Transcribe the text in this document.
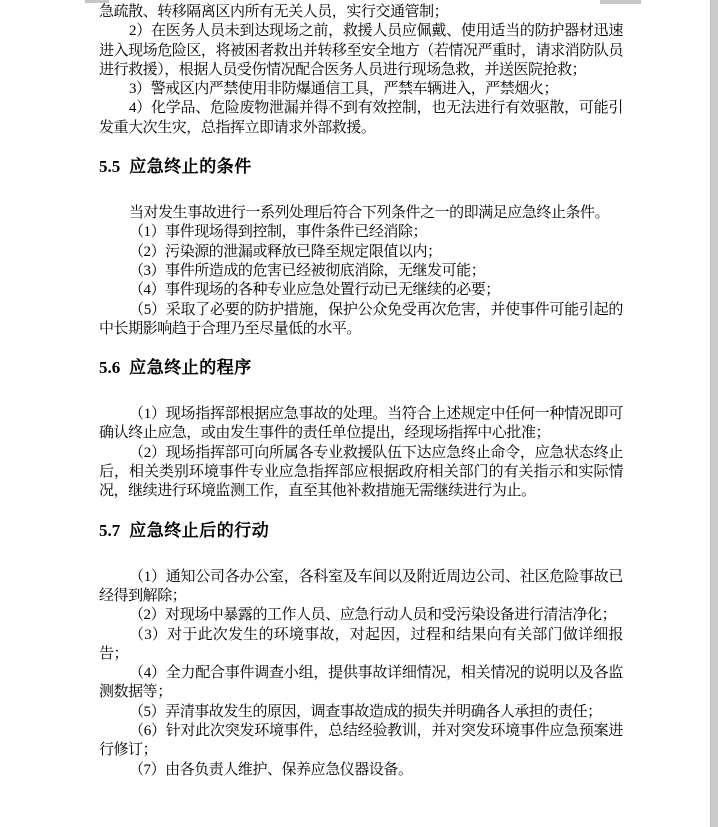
急疏散、转移隔离区内所有无关人员，实行交通管制；

2）在医务人员未到达现场之前，救援人员应佩戴、使用适当的防护器材迅速进入现场危险区，将被困者救出并转移至安全地方（若情况严重时，请求消防队员进行救援），根据人员受伤情况配合医务人员进行现场急救，并送医院抢救；

3）警戒区内严禁使用非防爆通信工具，严禁车辆进入，严禁烟火；

4）化学品、危险废物泄漏并得不到有效控制，也无法进行有效驱散，可能引发重大次生灾，总指挥立即请求外部救援。

5.5 应急终止的条件

当对发生事故进行一系列处理后符合下列条件之一的即满足应急终止条件。

（1）事件现场得到控制，事件条件已经消除；

（2）污染源的泄漏或释放已降至规定限值以内；

（3）事件所造成的危害已经被彻底消除，无继发可能；

（4）事件现场的各种专业应急处置行动已无继续的必要；

（5）采取了必要的防护措施，保护公众免受再次危害，并使事件可能引起的中长期影响趋于合理乃至尽量低的水平。

5.6 应急终止的程序

（1）现场指挥部根据应急事故的处理。当符合上述规定中任何一种情况即可确认终止应急，或由发生事件的责任单位提出，经现场指挥中心批准；

（2）现场指挥部可向所属各专业救援队伍下达应急终止命令，应急状态终止后，相关类别环境事件专业应急指挥部应根据政府相关部门的有关指示和实际情况，继续进行环境监测工作，直至其他补救措施无需继续进行为止。

5.7 应急终止后的行动

（1）通知公司各办公室，各科室及车间以及附近周边公司、社区危险事故已经得到解除；

（2）对现场中暴露的工作人员、应急行动人员和受污染设备进行清洁净化；

（3）对于此次发生的环境事故，对起因，过程和结果向有关部门做详细报告；

（4）全力配合事件调查小组，提供事故详细情况，相关情况的说明以及各监测数据等；

（5）弄清事故发生的原因，调查事故造成的损失并明确各人承担的责任；

（6）针对此次突发环境事件，总结经验教训，并对突发环境事件应急预案进行修订；

（7）由各负责人维护、保养应急仪器设备。
